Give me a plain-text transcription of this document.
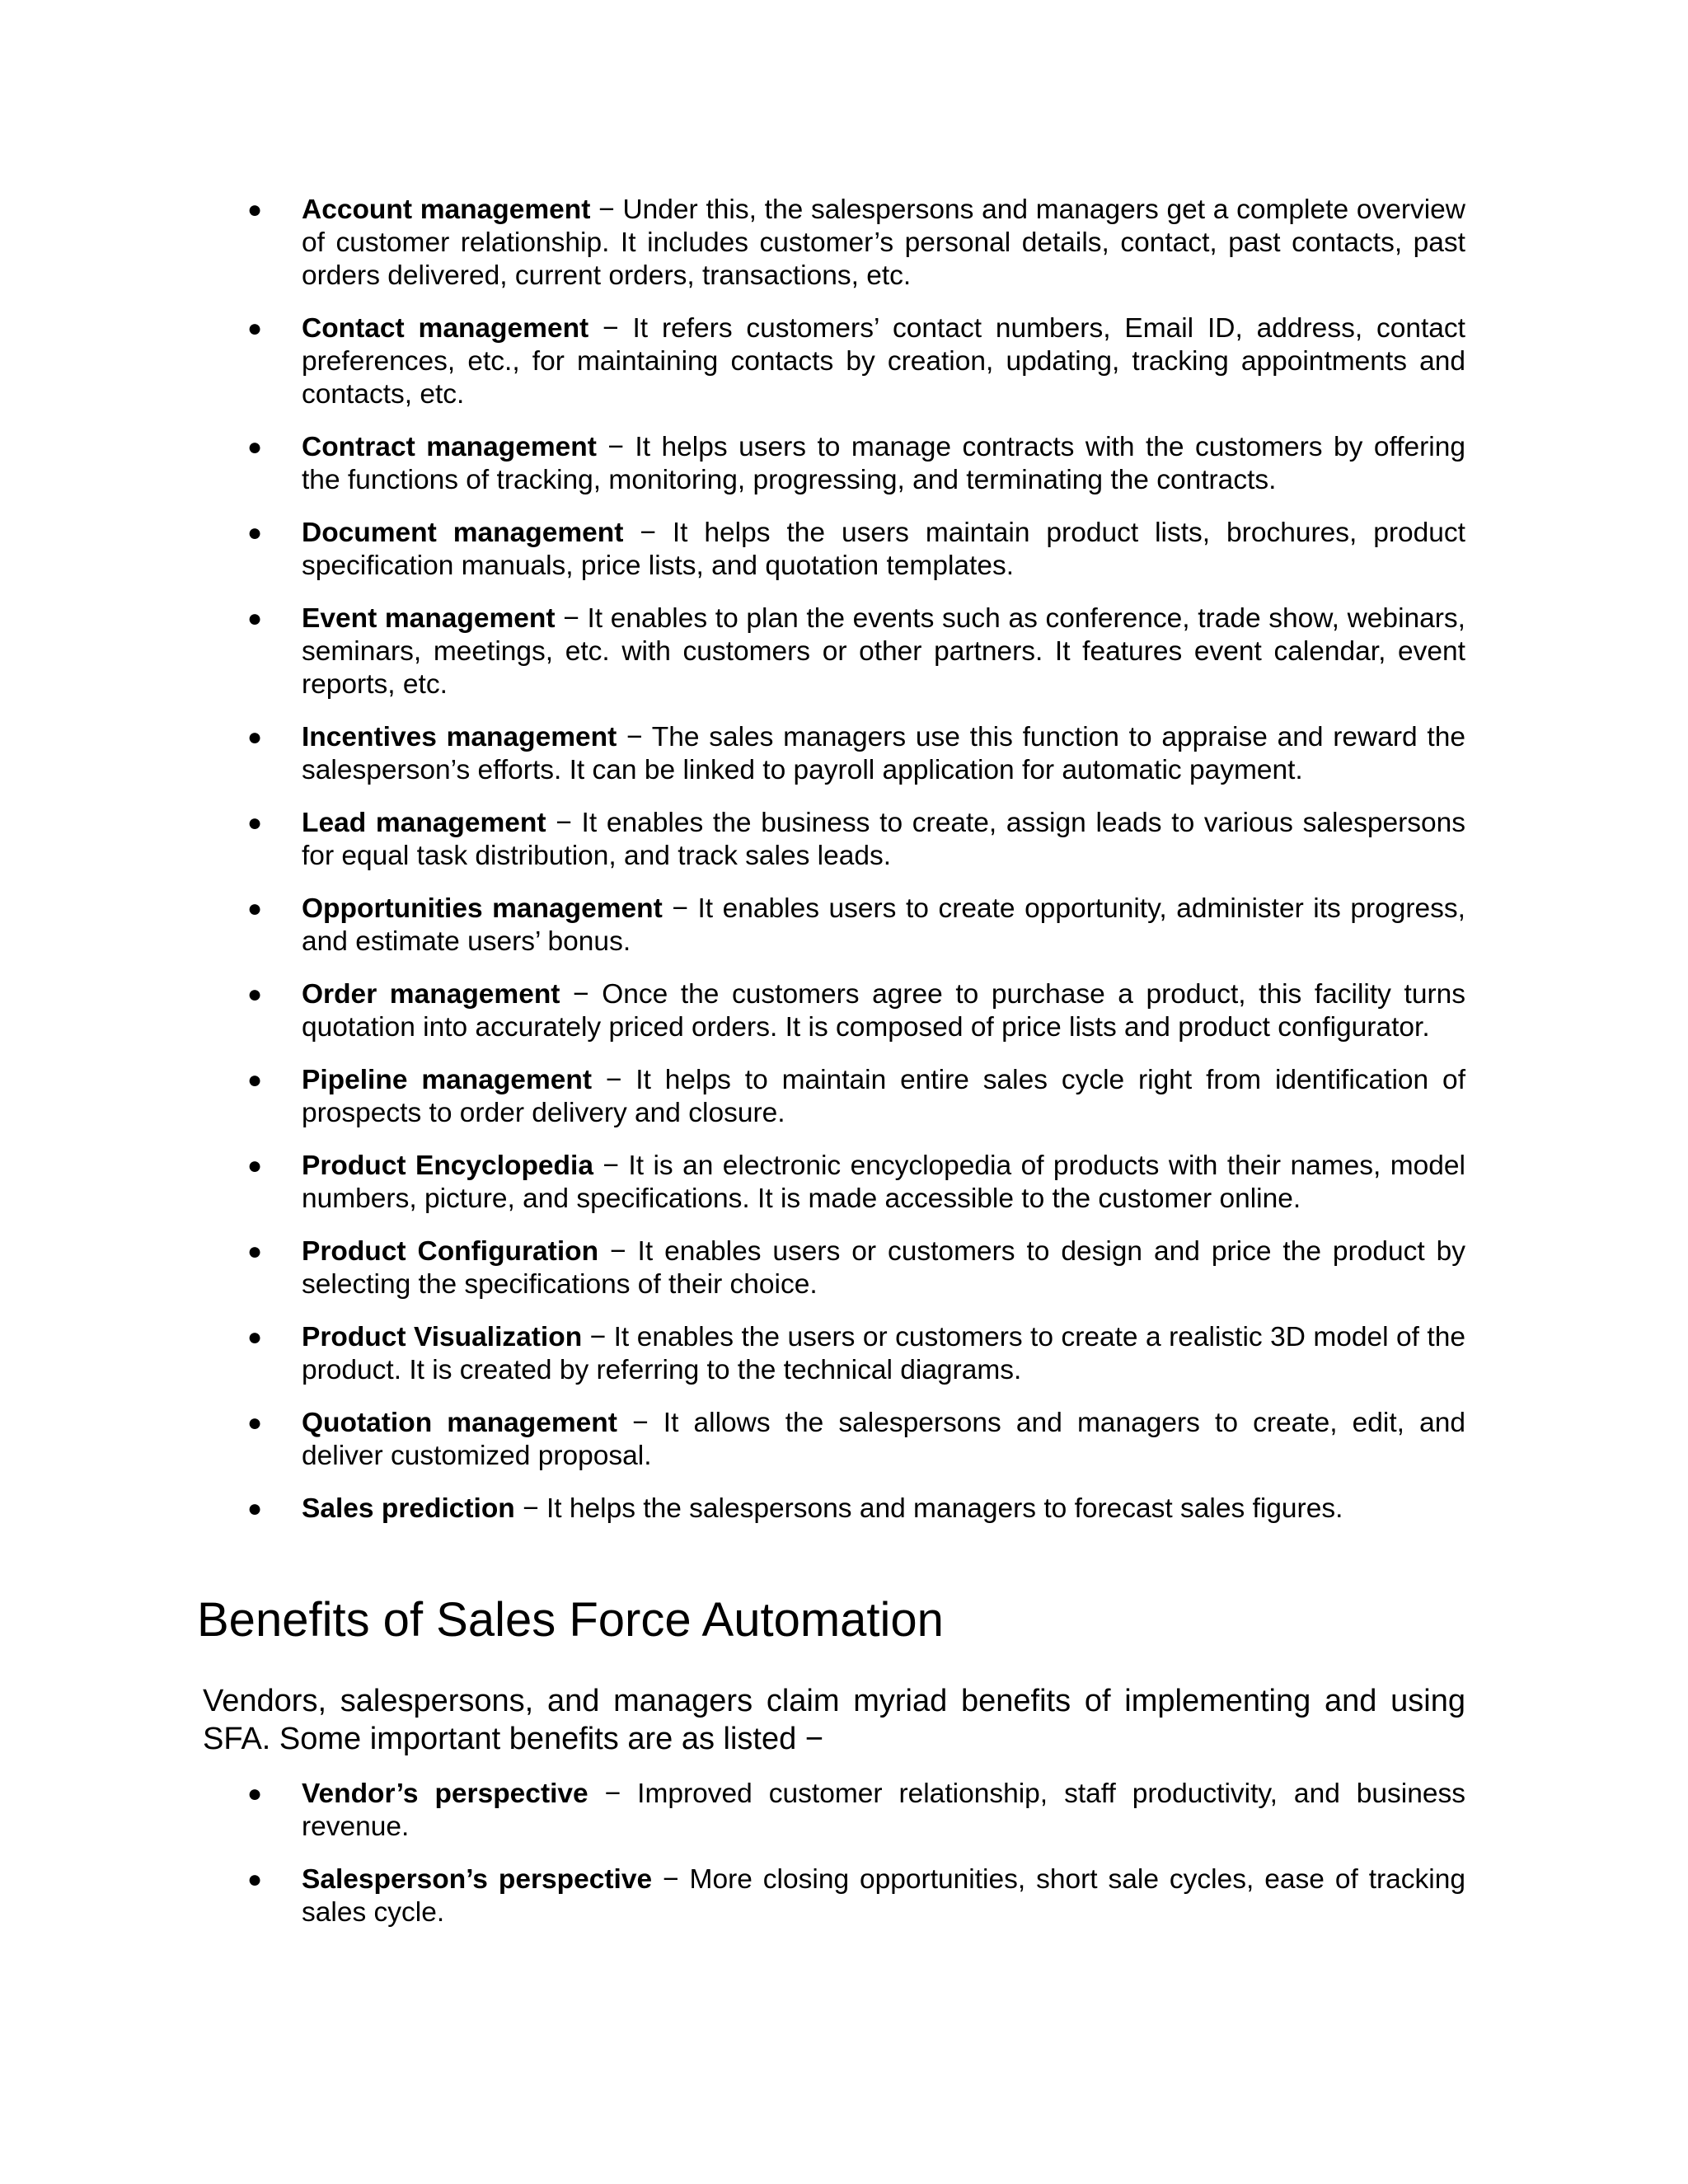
●	Account management − Under this, the salespersons and managers get a complete overview of customer relationship. It includes customer’s personal details, contact, past contacts, past orders delivered, current orders, transactions, etc.
●	Contact management − It refers customers’ contact numbers, Email ID, address, contact preferences, etc., for maintaining contacts by creation, updating, tracking appointments and contacts, etc.
●	Contract management − It helps users to manage contracts with the customers by offering the functions of tracking, monitoring, progressing, and terminating the contracts.
●	Document management − It helps the users maintain product lists, brochures, product specification manuals, price lists, and quotation templates.
●	Event management − It enables to plan the events such as conference, trade show, webinars, seminars, meetings, etc. with customers or other partners. It features event calendar, event reports, etc.
●	Incentives management − The sales managers use this function to appraise and reward the salesperson’s efforts. It can be linked to payroll application for automatic payment.
●	Lead management − It enables the business to create, assign leads to various salespersons for equal task distribution, and track sales leads.
●	Opportunities management − It enables users to create opportunity, administer its progress, and estimate users’ bonus.
●	Order management − Once the customers agree to purchase a product, this facility turns quotation into accurately priced orders. It is composed of price lists and product configurator.
●	Pipeline management − It helps to maintain entire sales cycle right from identification of prospects to order delivery and closure.
●	Product Encyclopedia − It is an electronic encyclopedia of products with their names, model numbers, picture, and specifications. It is made accessible to the customer online.
●	Product Configuration − It enables users or customers to design and price the product by selecting the specifications of their choice.
●	Product Visualization − It enables the users or customers to create a realistic 3D model of the product. It is created by referring to the technical diagrams.
●	Quotation management − It allows the salespersons and managers to create, edit, and deliver customized proposal.
●	Sales prediction − It helps the salespersons and managers to forecast sales figures.
Benefits of Sales Force Automation

Vendors, salespersons, and managers claim myriad benefits of implementing and using SFA. Some important benefits are as listed −

●	Vendor’s perspective − Improved customer relationship, staff productivity, and business revenue.
●	Salesperson’s perspective − More closing opportunities, short sale cycles, ease of tracking sales cycle.
